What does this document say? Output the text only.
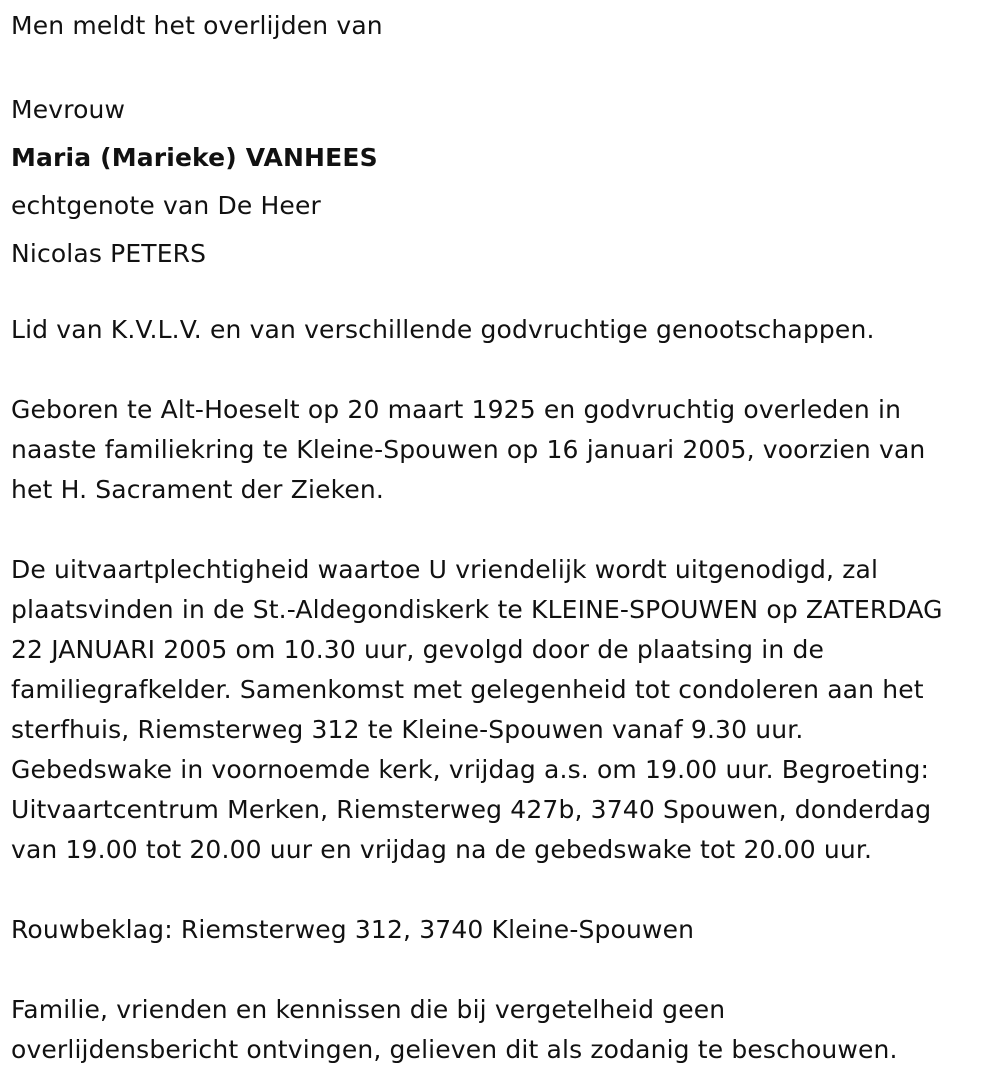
Men meldt het overlijden van
Mevrouw
Maria (Marieke) VANHEES
echtgenote van De Heer
Nicolas PETERS
Lid van K.V.L.V. en van verschillende godvruchtige genootschappen.
Geboren te Alt-Hoeselt op 20 maart 1925 en godvruchtig overleden in
naaste familiekring te Kleine-Spouwen op 16 januari 2005, voorzien van
het H. Sacrament der Zieken.
De uitvaartplechtigheid waartoe U vriendelijk wordt uitgenodigd, zal
plaatsvinden in de St.-Aldegondiskerk te KLEINE-SPOUWEN op ZATERDAG
22 JANUARI 2005 om 10.30 uur, gevolgd door de plaatsing in de
familiegrafkelder. Samenkomst met gelegenheid tot condoleren aan het
sterfhuis, Riemsterweg 312 te Kleine-Spouwen vanaf 9.30 uur.
Gebedswake in voornoemde kerk, vrijdag a.s. om 19.00 uur. Begroeting:
Uitvaartcentrum Merken, Riemsterweg 427b, 3740 Spouwen, donderdag
van 19.00 tot 20.00 uur en vrijdag na de gebedswake tot 20.00 uur.
Rouwbeklag: Riemsterweg 312, 3740 Kleine-Spouwen
Familie, vrienden en kennissen die bij vergetelheid geen
overlijdensbericht ontvingen, gelieven dit als zodanig te beschouwen.
